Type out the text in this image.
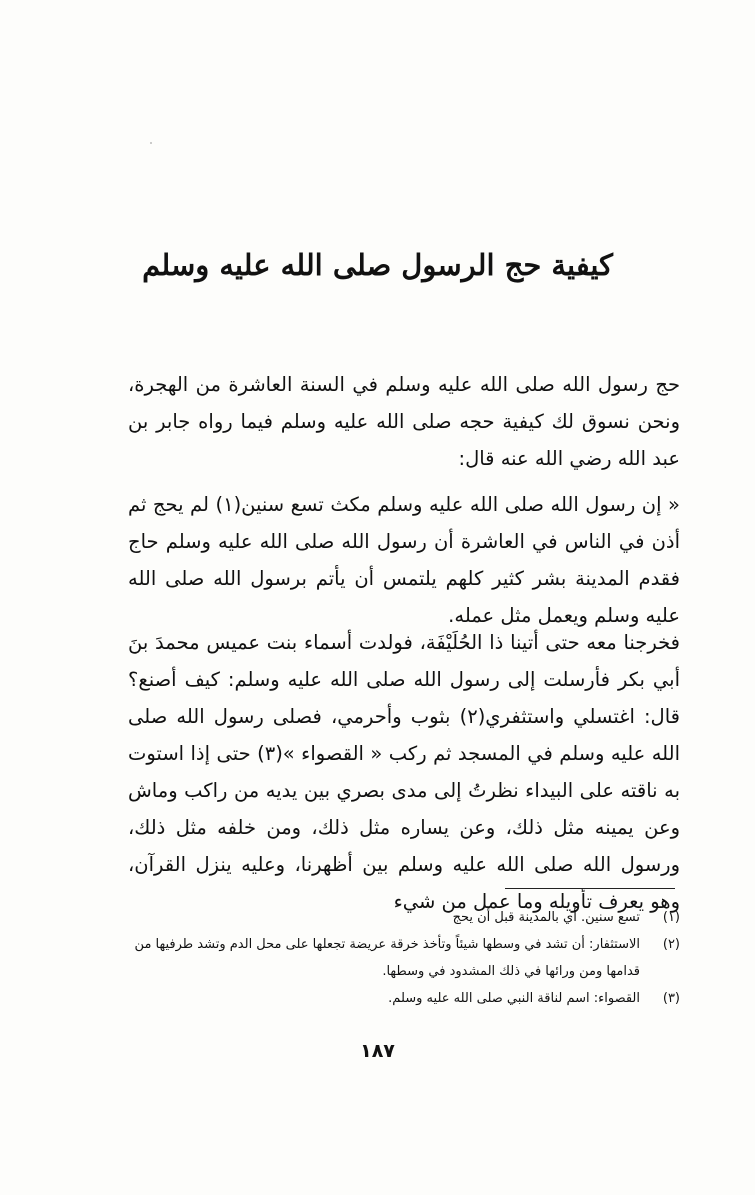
كيفية حج الرسول صلى الله عليه وسلم

حج رسول الله صلى الله عليه وسلم في السنة العاشرة من الهجرة، ونحن نسوق لك كيفية حجه صلى الله عليه وسلم فيما رواه جابر بن عبد الله رضي الله عنه قال:

« إن رسول الله صلى الله عليه وسلم مكث تسع سنين(١) لم يحج ثم أذن في الناس في العاشرة أن رسول الله صلى الله عليه وسلم حاج فقدم المدينة بشر كثير كلهم يلتمس أن يأتم برسول الله صلى الله عليه وسلم ويعمل مثل عمله.

فخرجنا معه حتى أتينا ذا الحُلَيْفَة، فولدت أسماء بنت عميس محمدَ بنَ أبي بكر فأرسلت إلى رسول الله صلى الله عليه وسلم: كيف أصنع؟ قال: اغتسلي واستثفري(٢) بثوب وأحرمي، فصلى رسول الله صلى الله عليه وسلم في المسجد ثم ركب « القصواء »(٣) حتى إذا استوت به ناقته على البيداء نظرتُ إلى مدى بصري بين يديه من راكب وماش وعن يمينه مثل ذلك، وعن يساره مثل ذلك، ومن خلفه مثل ذلك، ورسول الله صلى الله عليه وسلم بين أظهرنا، وعليه ينزل القرآن، وهو يعرف تأويله وما عمل من شيء

(١)
تسع سنين. أي بالمدينة قبل أن يحج
(٢)
الاستثفار: أن تشد في وسطها شيئاً وتأخذ خرقة عريضة تجعلها على محل الدم وتشد طرفيها من قدامها ومن ورائها في ذلك المشدود في وسطها.
(٣)
القصواء: اسم لناقة النبي صلى الله عليه وسلم.
١٨٧
